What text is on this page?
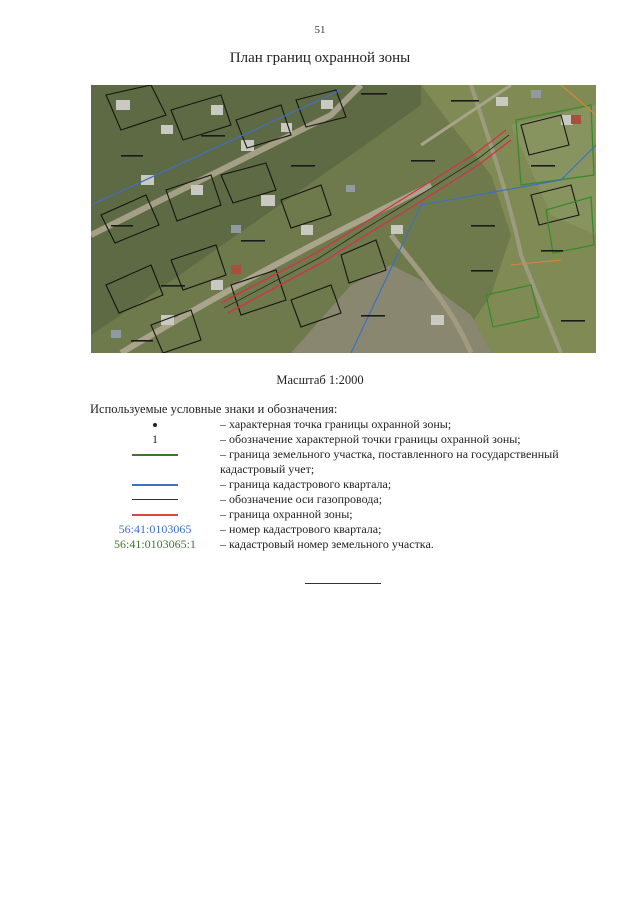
51
План границ охранной зоны
Масштаб 1:2000
Используемые условные знаки и обозначения:
– характерная точка границы охранной зоны;
1	– обозначение характерной точки границы охранной зоны;
– граница земельного участка, поставленного на государственный кадастровый учет;
– граница кадастрового квартала;
– обозначение оси газопровода;
– граница охранной зоны;
56:41:0103065 – номер кадастрового квартала;
56:41:0103065:1 – кадастровый номер земельного участка.
